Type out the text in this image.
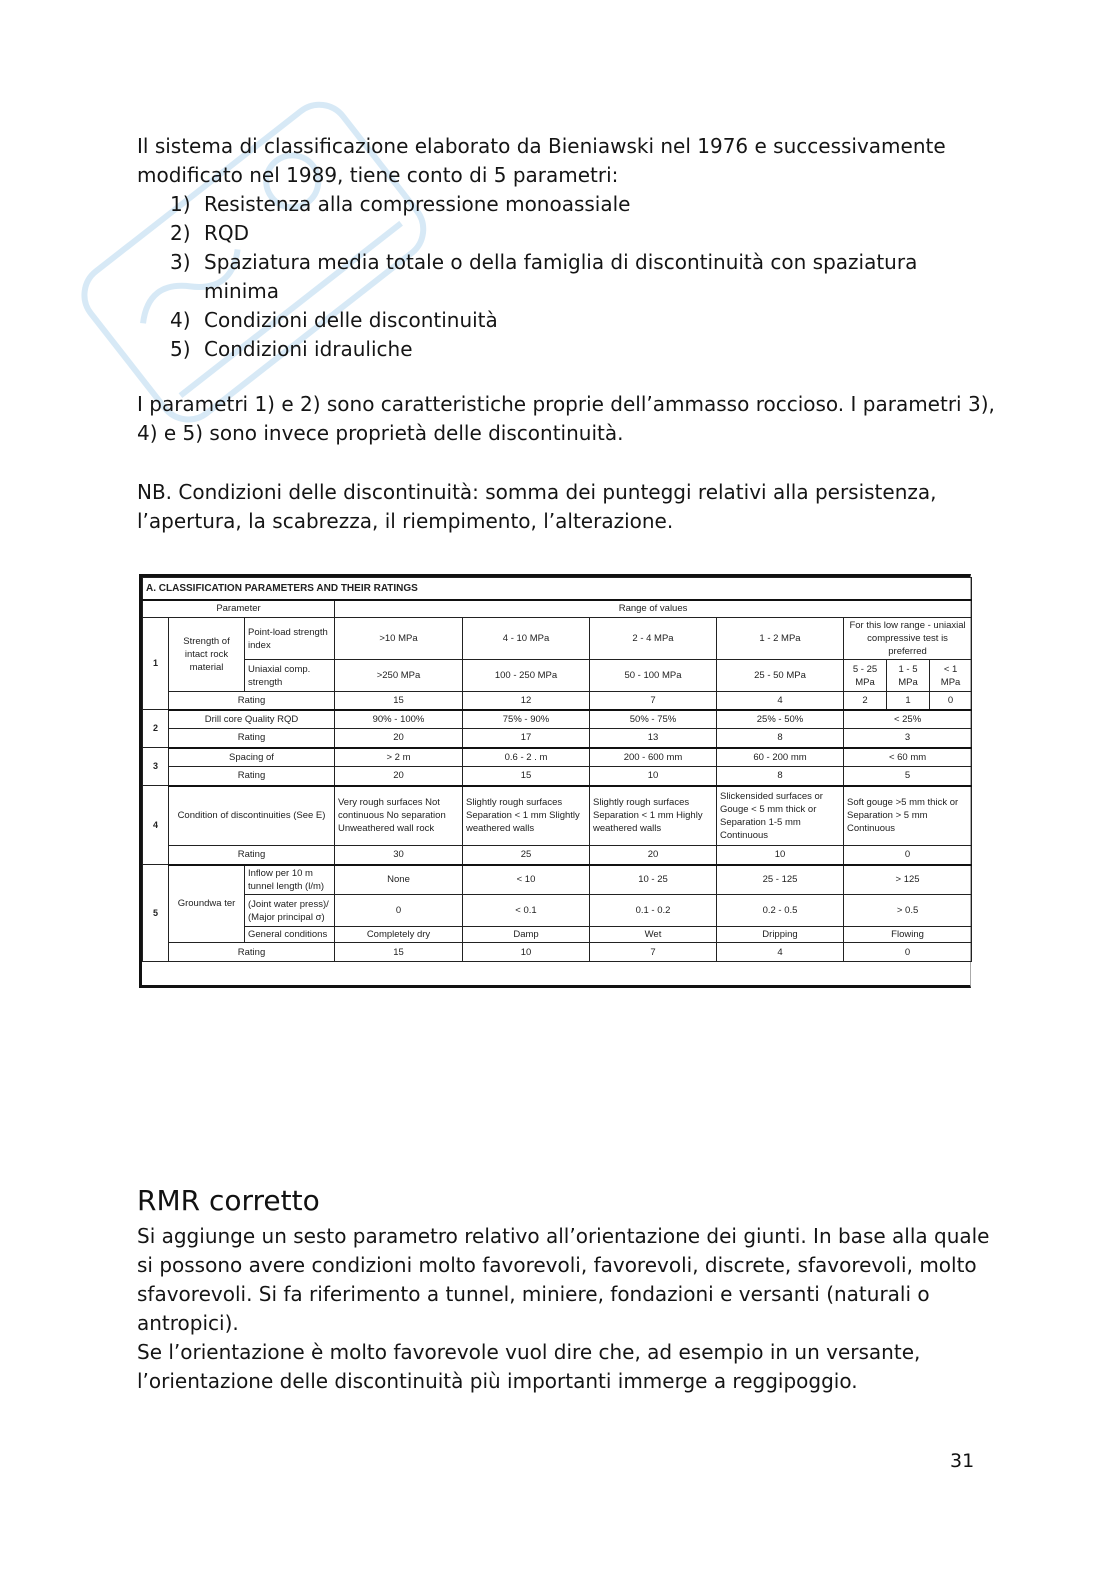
Il sistema di classificazione elaborato da Bieniawski nel 1976 e successivamente modificato nel 1989, tiene conto di 5 parametri:
1) Resistenza alla compressione monoassiale
2) RQD
3) Spaziatura media totale o della famiglia di discontinuità con spaziatura minima
4) Condizioni delle discontinuità
5) Condizioni idrauliche
I parametri 1) e 2) sono caratteristiche proprie dell’ammasso roccioso. I parametri 3), 4) e 5) sono invece proprietà delle discontinuità.
NB. Condizioni delle discontinuità: somma dei punteggi relativi alla persistenza, l’apertura, la scabrezza, il riempimento, l’alterazione.
A. CLASSIFICATION PARAMETERS AND THEIR RATINGS									
Parameter			Range of values						
1	Strength of intact rock material	Point-load strength index	>10 MPa	4 - 10 MPa	2 - 4 MPa	1 - 2 MPa	For this low range - uniaxial compressive test is preferred		
		Uniaxial comp. strength	>250 MPa	100 - 250 MPa	50 - 100 MPa	25 - 50 MPa	5 - 25 MPa	1 - 5 MPa	< 1 MPa
	Rating		15	12	7	4	2	1	0
2	Drill core Quality RQD		90% - 100%	75% - 90%	50% - 75%	25% - 50%	< 25%		
	Rating		20	17	13	8	3		
3	Spacing of		> 2 m	0.6 - 2 . m	200 - 600 mm	60 - 200 mm	< 60 mm		
	Rating		20	15	10	8	5		
4	Condition of discontinuities (See E)		Very rough surfaces Not continuous No separation Unweathered wall rock	Slightly rough surfaces Separation < 1 mm Slightly weathered walls	Slightly rough surfaces Separation < 1 mm Highly weathered walls	Slickensided surfaces or Gouge < 5 mm thick or Separation 1-5 mm Continuous	Soft gouge >5 mm thick or Separation > 5 mm Continuous		
	Rating		30	25	20	10	0		
5	Groundwa ter	Inflow per 10 m tunnel length (l/m)	None	< 10	10 - 25	25 - 125	> 125		
		(Joint water press)/ (Major principal σ)	0	< 0.1	0.1 - 0.2	0.2 - 0.5	> 0.5		
		General conditions	Completely dry	Damp	Wet	Dripping	Flowing		
	Rating		15	10	7	4	0		
RMR corretto
Si aggiunge un sesto parametro relativo all’orientazione dei giunti. In base alla quale si possono avere condizioni molto favorevoli, favorevoli, discrete, sfavorevoli, molto sfavorevoli. Si fa riferimento a tunnel, miniere, fondazioni e versanti (naturali o antropici).
Se l’orientazione è molto favorevole vuol dire che, ad esempio in un versante, l’orientazione delle discontinuità più importanti immerge a reggipoggio.
31
